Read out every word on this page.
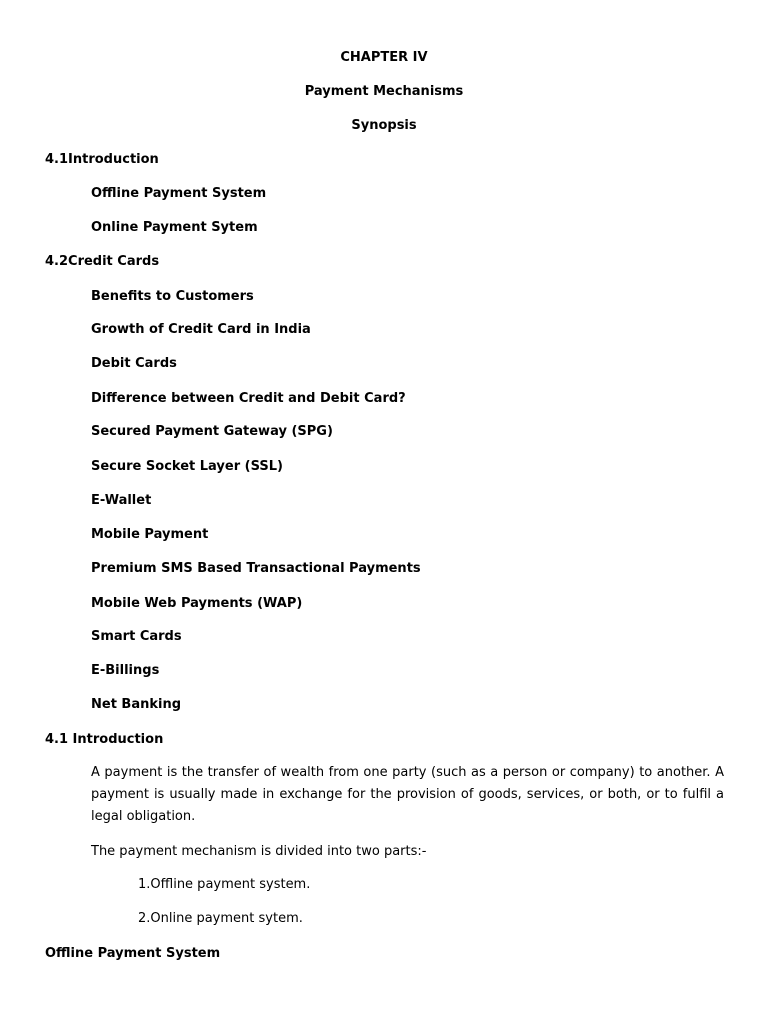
CHAPTER IV
Payment Mechanisms
Synopsis
4.1Introduction
Offline Payment System
Online Payment Sytem
4.2Credit Cards
Benefits to Customers
Growth of Credit Card in India
Debit Cards
Difference between Credit and Debit Card?
Secured Payment Gateway (SPG)
Secure Socket Layer (SSL)
E-Wallet
Mobile Payment
Premium SMS Based Transactional Payments
Mobile Web Payments (WAP)
Smart Cards
E-Billings
Net Banking
4.1 Introduction
A payment is the transfer of wealth from one party (such as a person or company) to another. A payment is usually made in exchange for the provision of goods, services, or both, or to fulfil a legal obligation.
The payment mechanism is divided into two parts:-
1.Offline payment system.
2.Online payment sytem.
Offline Payment System
